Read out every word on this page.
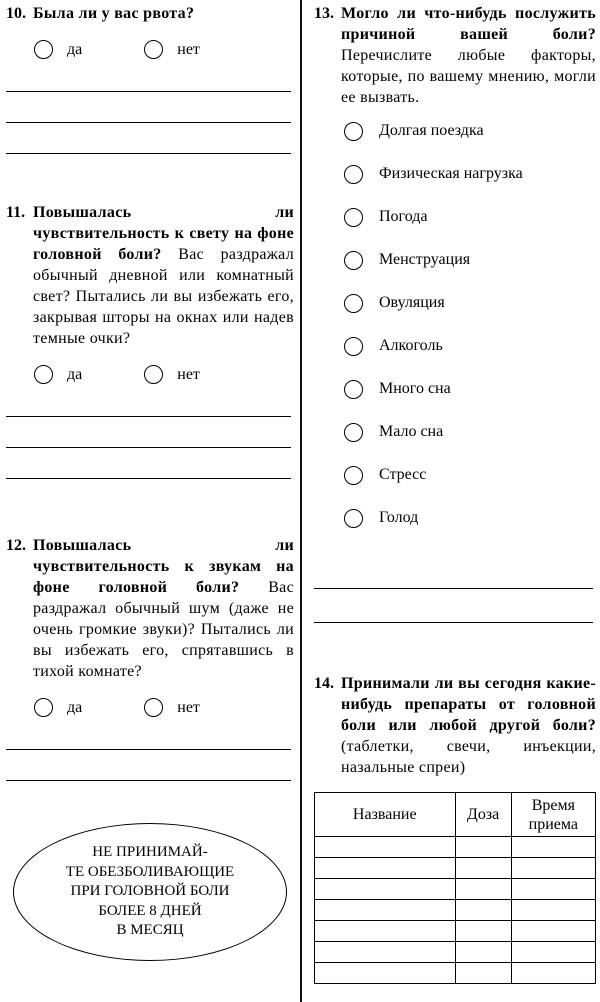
10. Была ли у вас рвота?
да	нет
11. Повышалась ли чувствительность к свету на фоне головной боли? Вас раздражал обычный дневной или комнатный свет? Пытались ли вы избежать его, закрывая шторы на окнах или надев темные очки?
да	нет
12. Повышалась ли чувствительность к звукам на фоне головной боли? Вас раздражал обычный шум (даже не очень громкие звуки)? Пытались ли вы избежать его, спрятавшись в тихой комнате?
да	нет
НЕ ПРИНИМАЙ-
ТЕ ОБЕЗБОЛИВАЮЩИЕ
ПРИ ГОЛОВНОЙ БОЛИ
БОЛЕЕ 8 ДНЕЙ
В МЕСЯЦ
13. Могло ли что-нибудь послужить причиной вашей боли? Перечислите любые факторы, которые, по вашему мнению, могли ее вызвать.
Долгая поездка
Физическая нагрузка
Погода
Менструация
Овуляция
Алкоголь
Много сна
Мало сна
Стресс
Голод
14. Принимали ли вы сегодня какие-нибудь препараты от головной боли или любой другой боли? (таблетки, свечи, инъекции, назальные спреи)
Название	Доза	Время приема
